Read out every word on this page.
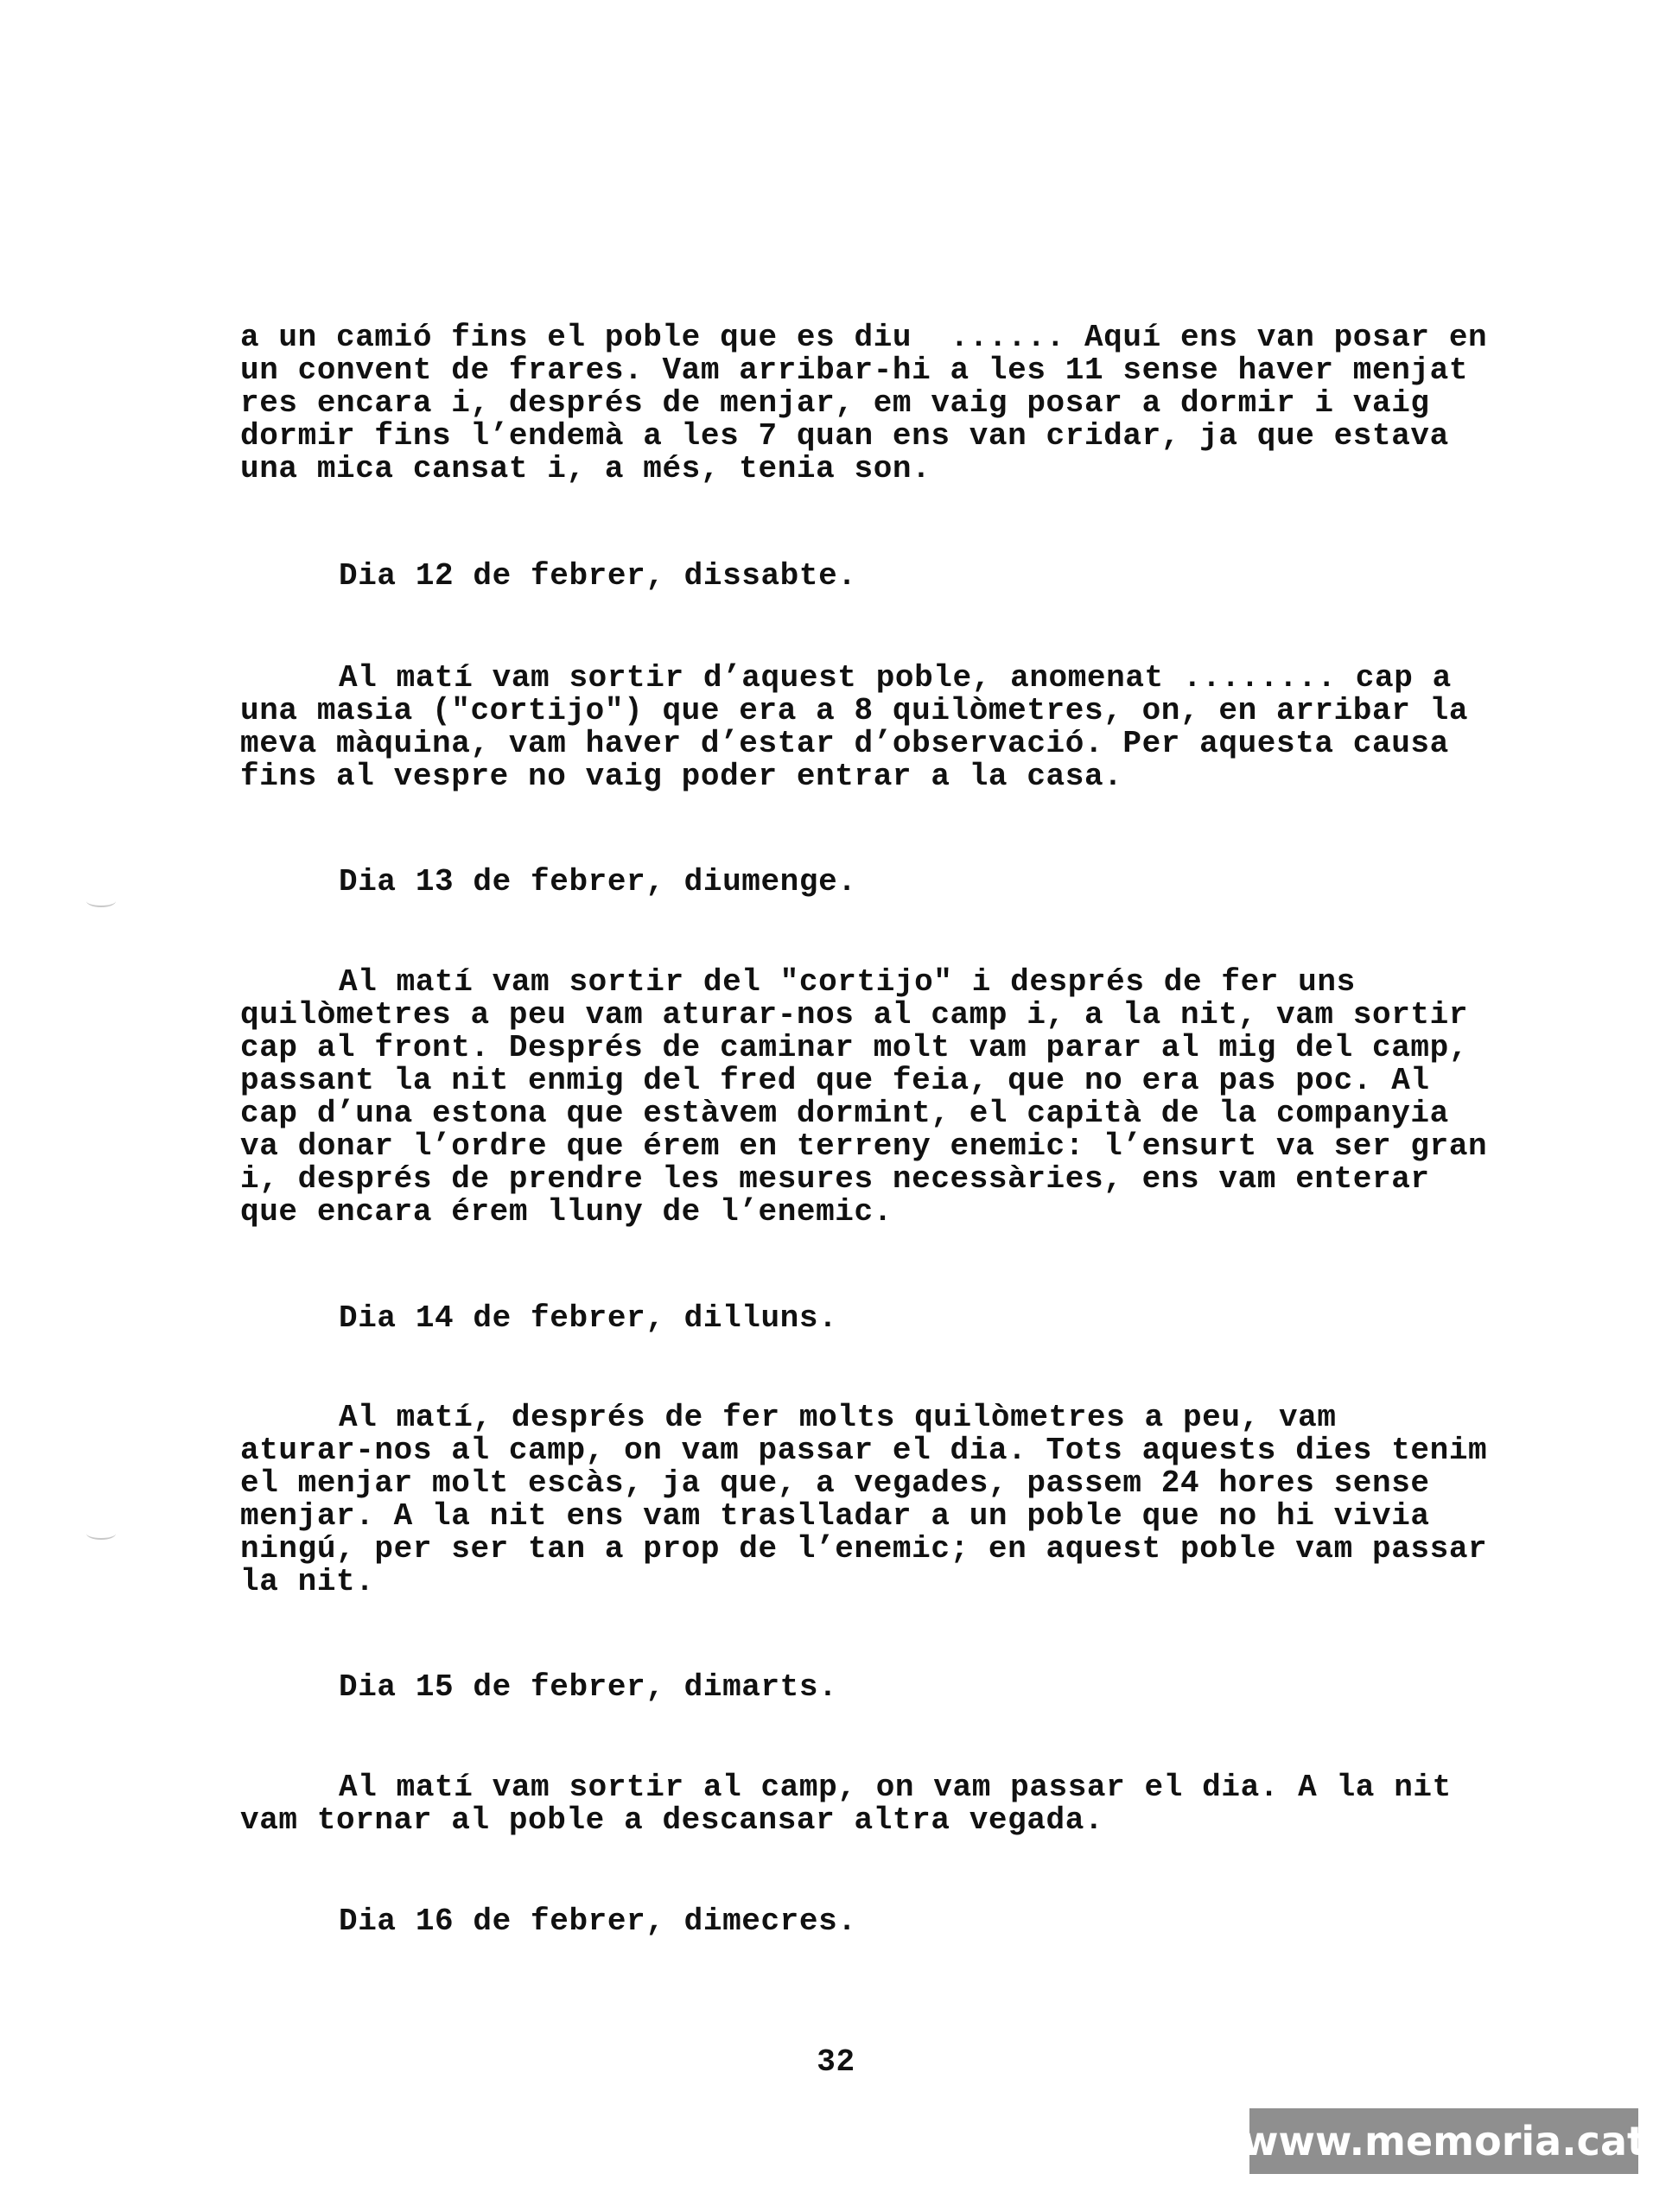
a un camió fins el poble que es diu  ...... Aquí ens van posar en
un convent de frares. Vam arribar-hi a les 11 sense haver menjat
res encara i, després de menjar, em vaig posar a dormir i vaig
dormir fins l’endemà a les 7 quan ens van cridar, ja que estava
una mica cansat i, a més, tenia son.
Dia 12 de febrer, dissabte.
Al matí vam sortir d’aquest poble, anomenat ........ cap a
una masia ("cortijo") que era a 8 quilòmetres, on, en arribar la
meva màquina, vam haver d’estar d’observació. Per aquesta causa
fins al vespre no vaig poder entrar a la casa.
Dia 13 de febrer, diumenge.
Al matí vam sortir del "cortijo" i després de fer uns
quilòmetres a peu vam aturar-nos al camp i, a la nit, vam sortir
cap al front. Després de caminar molt vam parar al mig del camp,
passant la nit enmig del fred que feia, que no era pas poc. Al
cap d’una estona que estàvem dormint, el capità de la companyia
va donar l’ordre que érem en terreny enemic: l’ensurt va ser gran
i, després de prendre les mesures necessàries, ens vam enterar
que encara érem lluny de l’enemic.
Dia 14 de febrer, dilluns.
Al matí, després de fer molts quilòmetres a peu, vam
aturar-nos al camp, on vam passar el dia. Tots aquests dies tenim
el menjar molt escàs, ja que, a vegades, passem 24 hores sense
menjar. A la nit ens vam traslladar a un poble que no hi vivia
ningú, per ser tan a prop de l’enemic; en aquest poble vam passar
la nit.
Dia 15 de febrer, dimarts.
Al matí vam sortir al camp, on vam passar el dia. A la nit
vam tornar al poble a descansar altra vegada.
Dia 16 de febrer, dimecres.
32
www.memoria.cat
